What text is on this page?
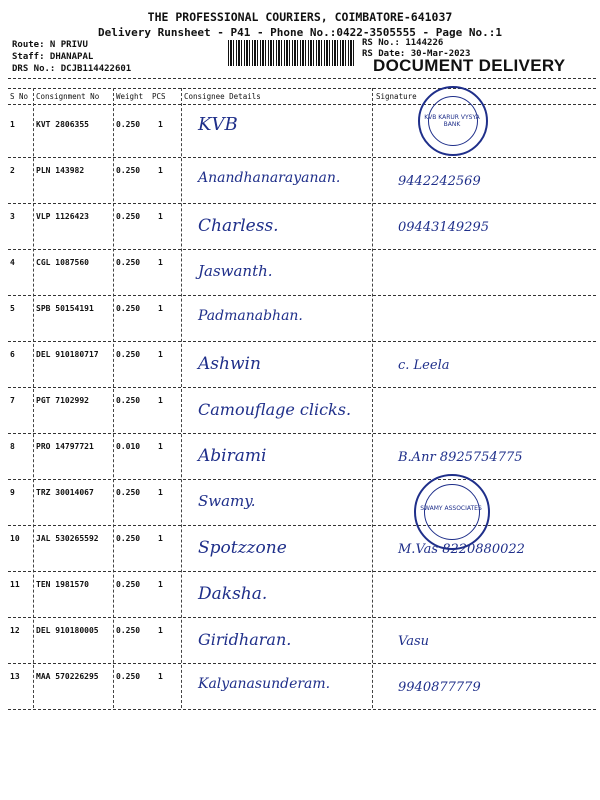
THE PROFESSIONAL COURIERS, COIMBATORE-641037
Delivery Runsheet - P41 - Phone No.:0422-3505555 - Page No.:1
Route: N PRIVU
Staff: DHANAPAL
DRS No.: DCJB114422601
RS No.: 1144226
RS Date: 30-Mar-2023
DOCUMENT DELIVERY
S No Consignment No Weight PCS Consignee Details	Signature
1	KVT 2806355	0.250 1 KVB
2	PLN 143982	0.250 1	Anandhanarayanan.	9442242569
3	VLP 1126423	0.250 1 Charless.	09443149295
4	CGL 1087560	0.250 1 Jaswanth.
5	SPB 50154191	0.250 1	Padmanabhan.
6	DEL 910180717 0.250 1 Ashwin	c. Leela
7	PGT 7102992	0.250 1 Camouflage clicks.
8	PRO 14797721	0.010 1 Abirami	B.Anr 8925754775
9	TRZ 30014067	0.250 1 Swamy.
10 JAL 530265592 0.250 1 Spotzzone	M.Vas 8220880022
11 TEN 1981570	0.250 1 Daksha.
12 DEL 910180005 0.250 1 Giridharan.	Vasu
13 MAA 570226295 0.250 1	Kalyanasunderam.	9940877779
KVB KARUR VYSYA BANK
SWAMY ASSOCIATES
